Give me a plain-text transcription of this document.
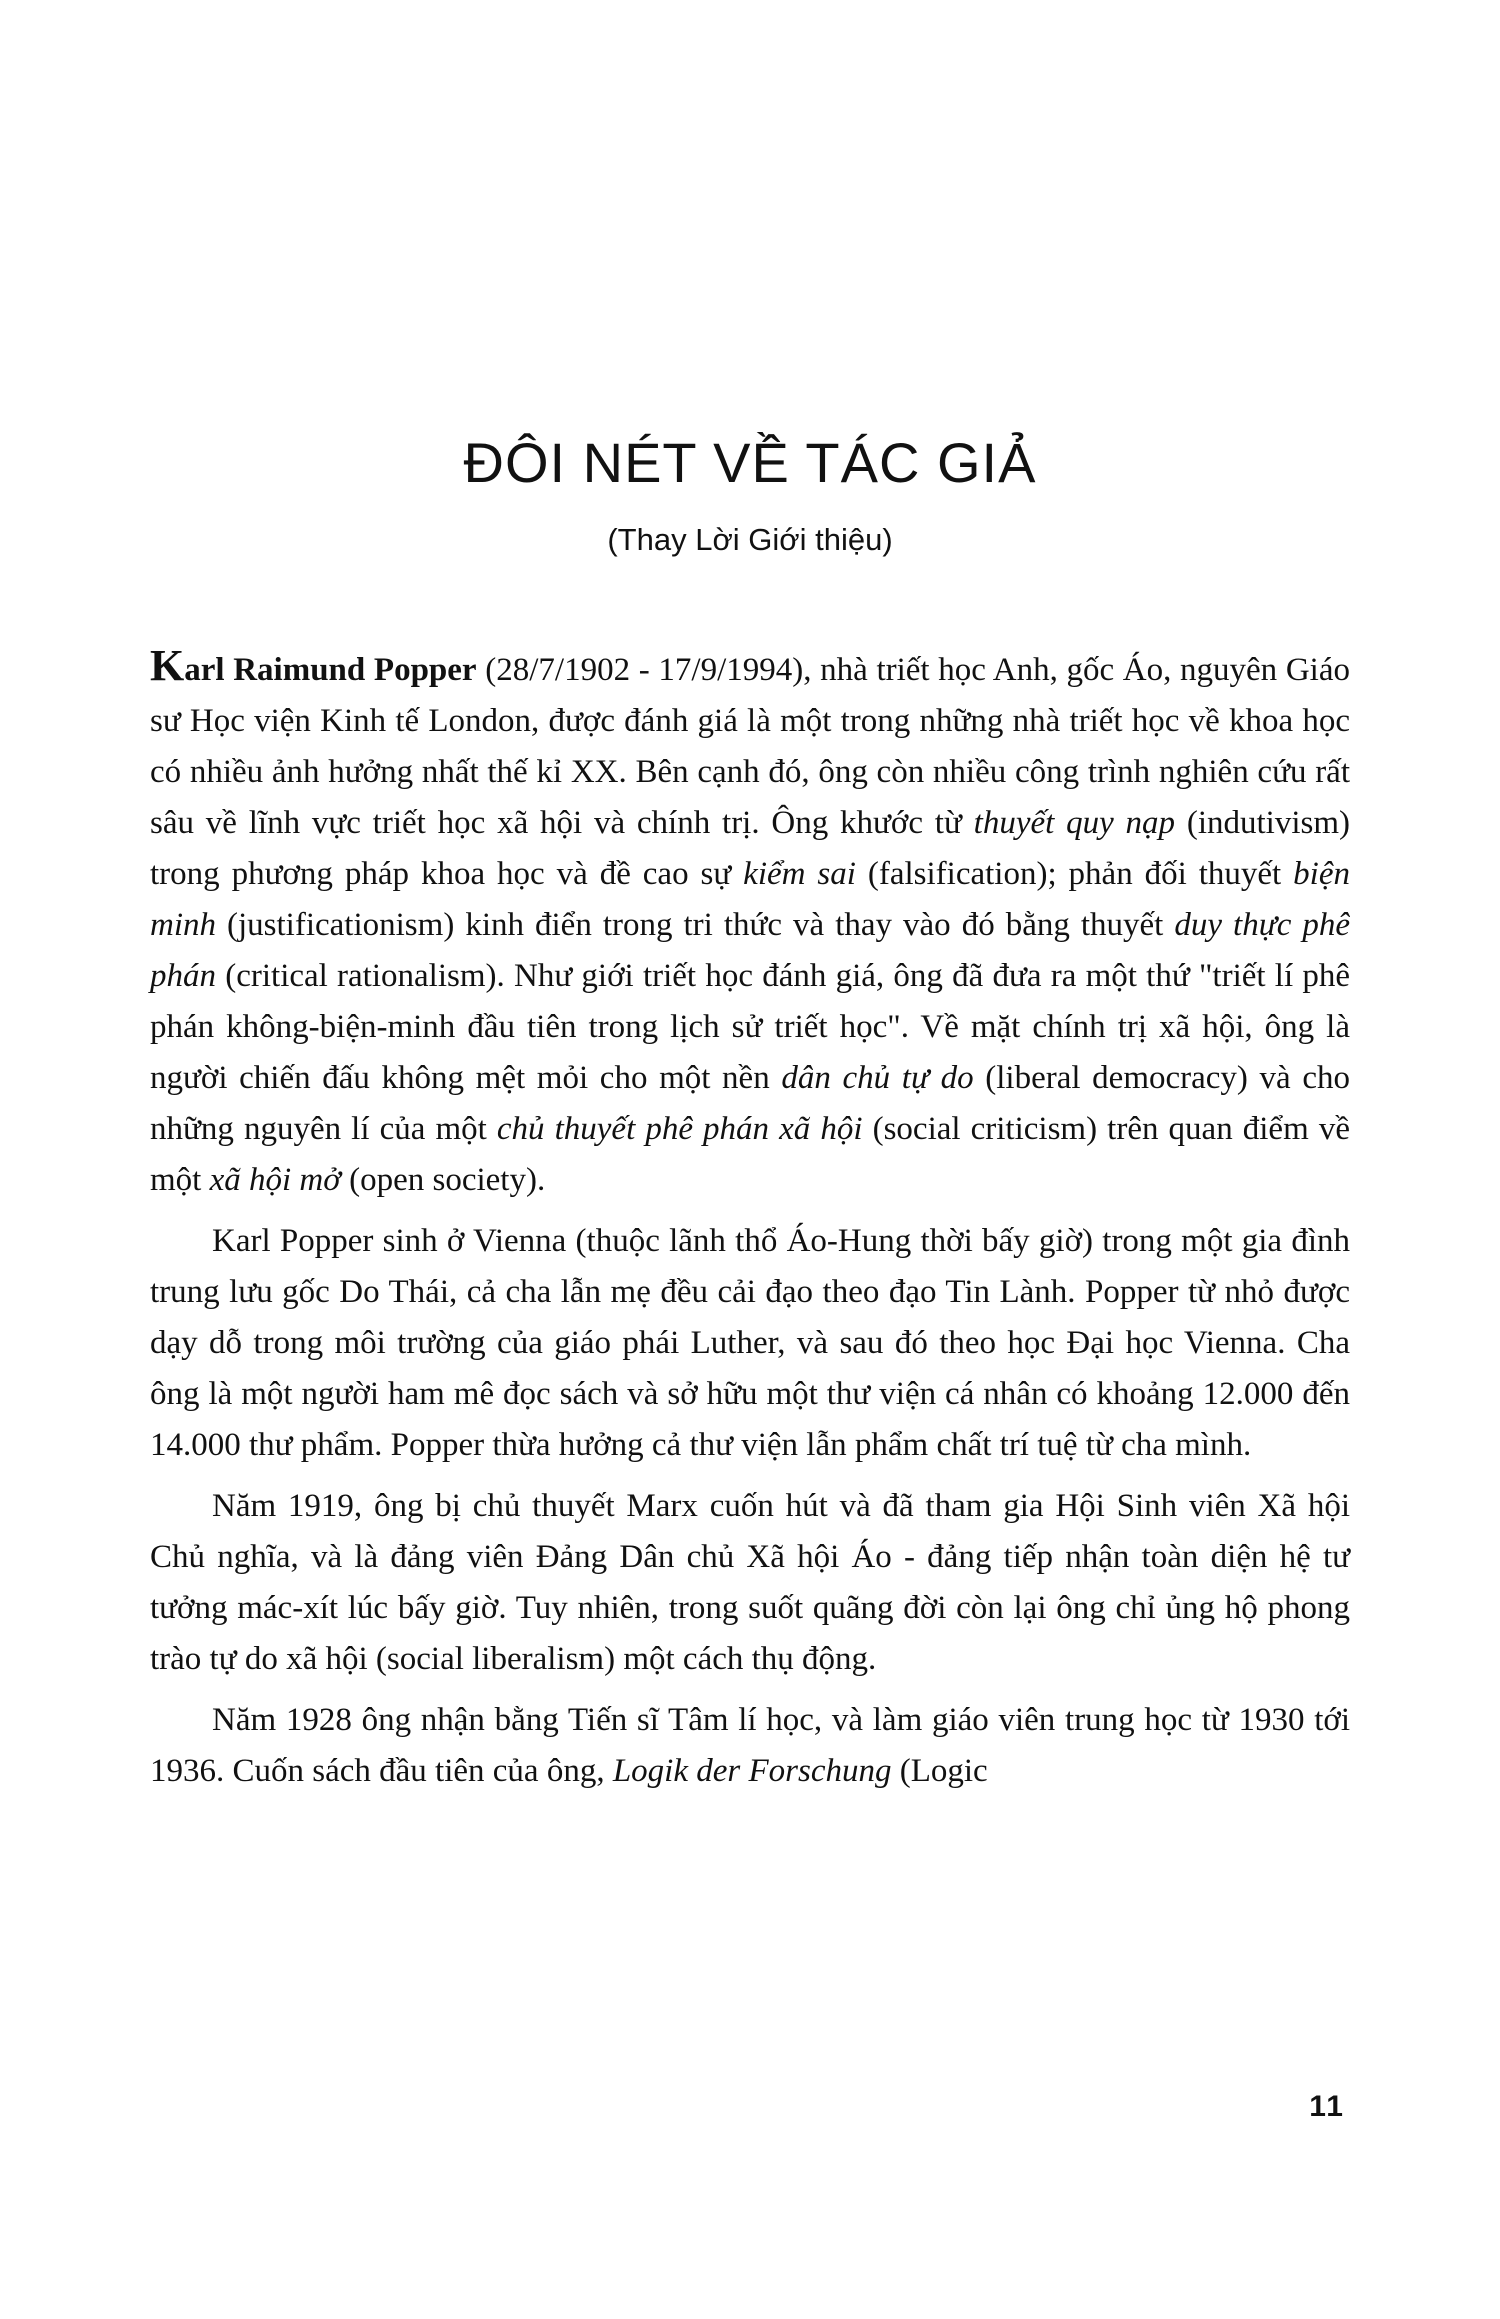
ĐÔI NÉT VỀ TÁC GIẢ
(Thay Lời Giới thiệu)

Karl Raimund Popper (28/7/1902 - 17/9/1994), nhà triết học Anh, gốc Áo, nguyên Giáo sư Học viện Kinh tế London, được đánh giá là một trong những nhà triết học về khoa học có nhiều ảnh hưởng nhất thế kỉ XX. Bên cạnh đó, ông còn nhiều công trình nghiên cứu rất sâu về lĩnh vực triết học xã hội và chính trị. Ông khước từ thuyết quy nạp (indutivism) trong phương pháp khoa học và đề cao sự kiểm sai (falsification); phản đối thuyết biện minh (justificationism) kinh điển trong tri thức và thay vào đó bằng thuyết duy thực phê phán (critical rationalism). Như giới triết học đánh giá, ông đã đưa ra một thứ "triết lí phê phán không-biện-minh đầu tiên trong lịch sử triết học". Về mặt chính trị xã hội, ông là người chiến đấu không mệt mỏi cho một nền dân chủ tự do (liberal democracy) và cho những nguyên lí của một chủ thuyết phê phán xã hội (social criticism) trên quan điểm về một xã hội mở (open society).

Karl Popper sinh ở Vienna (thuộc lãnh thổ Áo-Hung thời bấy giờ) trong một gia đình trung lưu gốc Do Thái, cả cha lẫn mẹ đều cải đạo theo đạo Tin Lành. Popper từ nhỏ được dạy dỗ trong môi trường của giáo phái Luther, và sau đó theo học Đại học Vienna. Cha ông là một người ham mê đọc sách và sở hữu một thư viện cá nhân có khoảng 12.000 đến 14.000 thư phẩm. Popper thừa hưởng cả thư viện lẫn phẩm chất trí tuệ từ cha mình.

Năm 1919, ông bị chủ thuyết Marx cuốn hút và đã tham gia Hội Sinh viên Xã hội Chủ nghĩa, và là đảng viên Đảng Dân chủ Xã hội Áo - đảng tiếp nhận toàn diện hệ tư tưởng mác-xít lúc bấy giờ. Tuy nhiên, trong suốt quãng đời còn lại ông chỉ ủng hộ phong trào tự do xã hội (social liberalism) một cách thụ động.

Năm 1928 ông nhận bằng Tiến sĩ Tâm lí học, và làm giáo viên trung học từ 1930 tới 1936. Cuốn sách đầu tiên của ông, Logik der Forschung (Logic

11
